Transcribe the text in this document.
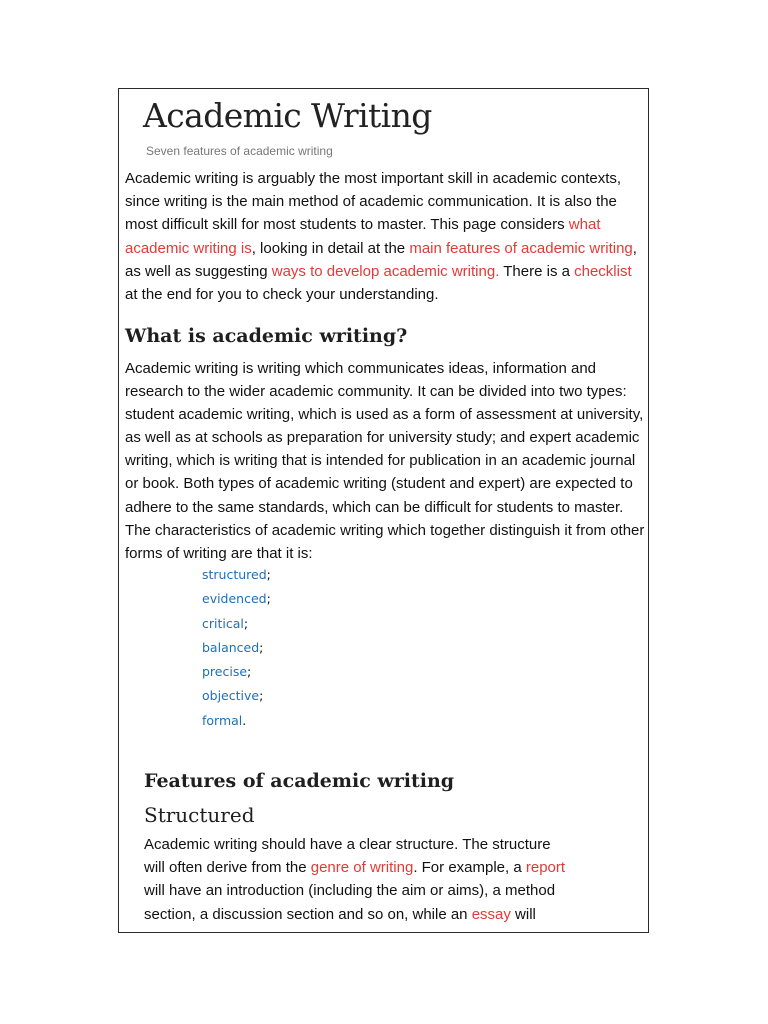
Academic Writing
Seven features of academic writing

Academic writing is arguably the most important skill in academic contexts, since writing is the main method of academic communication. It is also the most difficult skill for most students to master. This page considers what academic writing is, looking in detail at the main features of academic writing, as well as suggesting ways to develop academic writing. There is a checklist at the end for you to check your understanding.

What is academic writing?

Academic writing is writing which communicates ideas, information and research to the wider academic community. It can be divided into two types: student academic writing, which is used as a form of assessment at university, as well as at schools as preparation for university study; and expert academic writing, which is writing that is intended for publication in an academic journal or book. Both types of academic writing (student and expert) are expected to adhere to the same standards, which can be difficult for students to master. The characteristics of academic writing which together distinguish it from other forms of writing are that it is:

structured;
evidenced;
critical;
balanced;
precise;
objective;
formal.
Features of academic writing
Structured

Academic writing should have a clear structure. The structure will often derive from the genre of writing. For example, a report will have an introduction (including the aim or aims), a method section, a discussion section and so on, while an essay will
